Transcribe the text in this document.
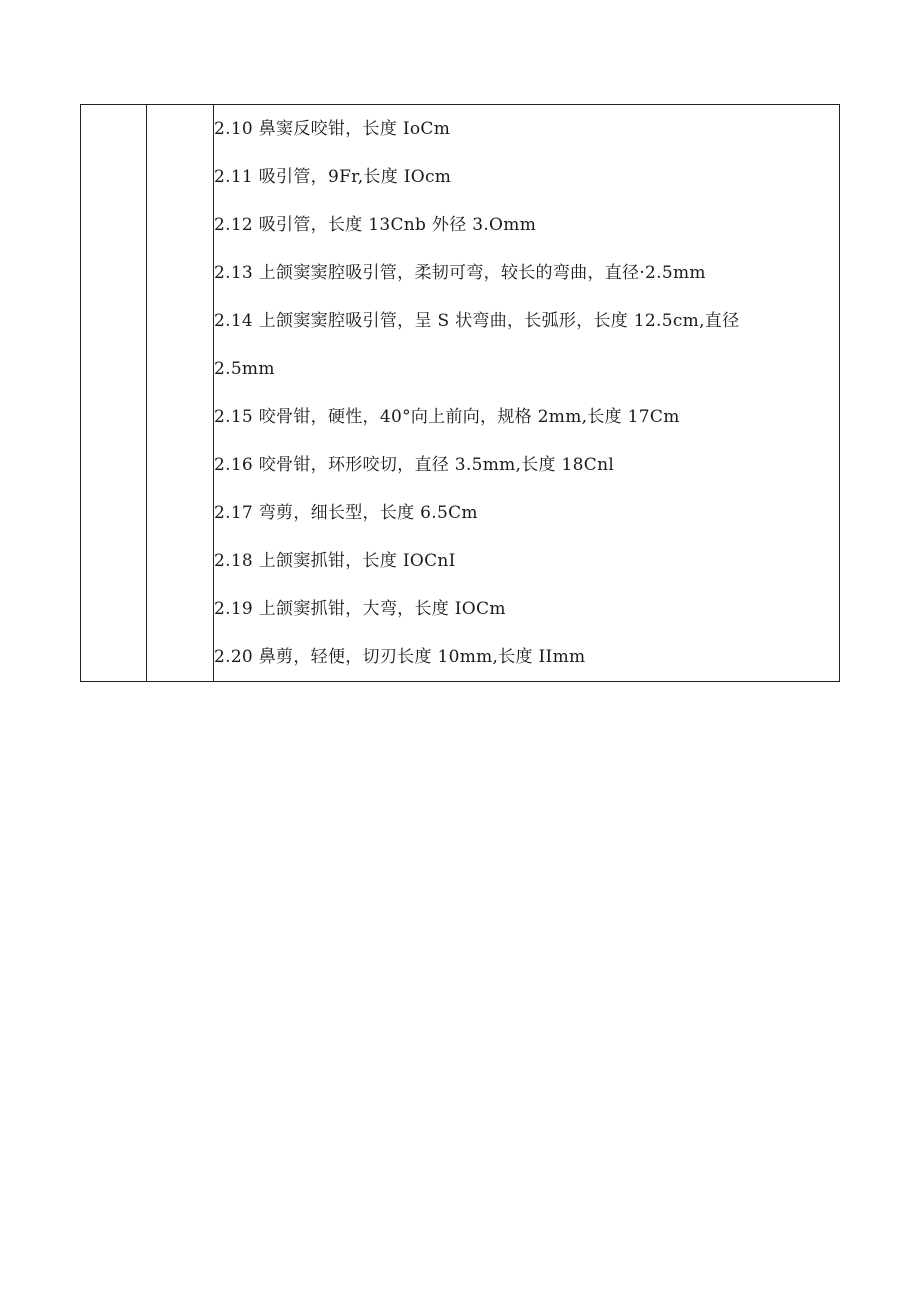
2.10 鼻窦反咬钳，长度 IoCm
2.11 吸引管，9Fr,长度 IOcm
2.12 吸引管，长度 13Cnb 外径 3.Omm
2.13 上颌窦窦腔吸引管，柔韧可弯，较长的弯曲，直径·2.5mm
2.14 上颌窦窦腔吸引管，呈 S 状弯曲，长弧形，长度 12.5cm,直径
2.5mm
2.15 咬骨钳，硬性，40°向上前向，规格 2mm,长度 17Cm
2.16 咬骨钳，环形咬切，直径 3.5mm,长度 18Cnl
2.17 弯剪，细长型，长度 6.5Cm
2.18 上颌窦抓钳，长度 IOCnI
2.19 上颌窦抓钳，大弯，长度 IOCm
2.20 鼻剪，轻便，切刃长度 10mm,长度 IImm
